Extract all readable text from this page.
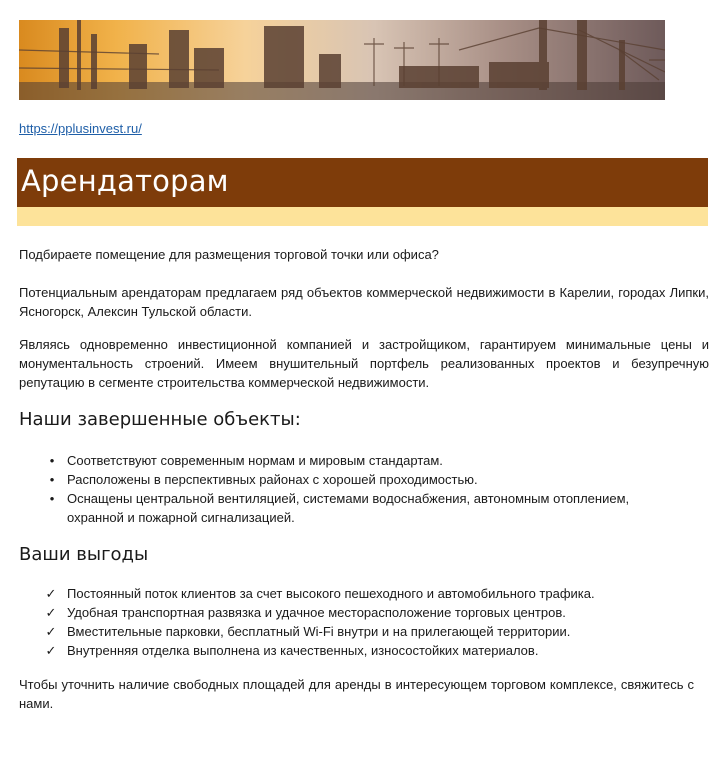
https://pplusinvest.ru/
Арендаторам

Подбираете помещение для размещения торговой точки или офиса?

Потенциальным арендаторам предлагаем ряд объектов коммерческой недвижимости в Карелии, городах Липки, Ясногорск, Алексин Тульской области.

Являясь одновременно инвестиционной компанией и застройщиком, гарантируем минимальные цены и монументальность строений. Имеем внушительный портфель реализованных проектов и безупречную репутацию в сегменте строительства коммерческой недвижимости.

Наши завершенные объекты:
• Соответствуют современным нормам и мировым стандартам.
• Расположены в перспективных районах с хорошей проходимостью.
• Оснащены центральной вентиляцией, системами водоснабжения, автономным отоплением, охранной и пожарной сигнализацией.
Ваши выгоды
✓ Постоянный поток клиентов за счет высокого пешеходного и автомобильного трафика.
✓ Удобная транспортная развязка и удачное месторасположение торговых центров.
✓ Вместительные парковки, бесплатный Wi-Fi внутри и на прилегающей территории.
✓ Внутренняя отделка выполнена из качественных, износостойких материалов.

Чтобы уточнить наличие свободных площадей для аренды в интересующем торговом комплексе, свяжитесь с нами.
